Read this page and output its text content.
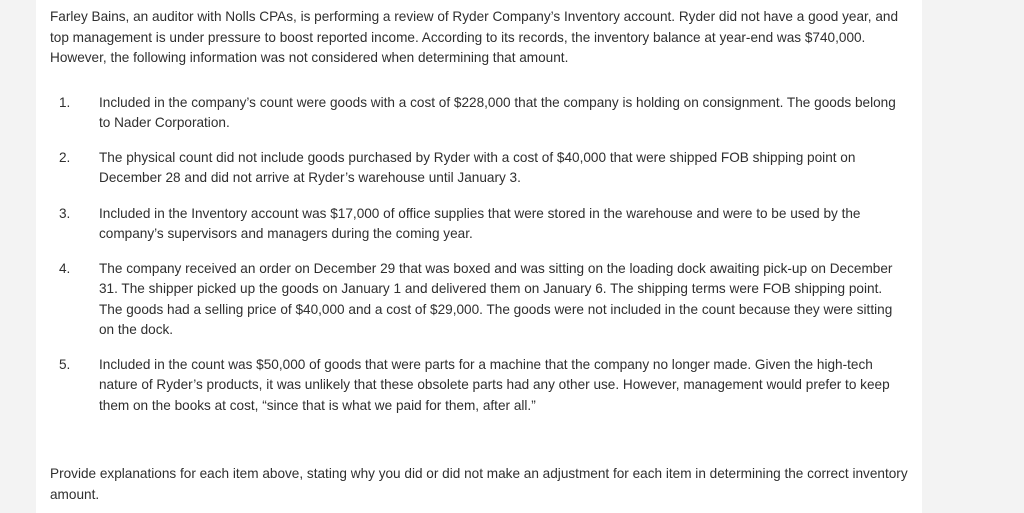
Farley Bains, an auditor with Nolls CPAs, is performing a review of Ryder Company’s Inventory account. Ryder did not have a good year, and top management is under pressure to boost reported income. According to its records, the inventory balance at year-end was $740,000. However, the following information was not considered when determining that amount.

1.	Included in the company’s count were goods with a cost of $228,000 that the company is holding on consignment. The goods belong to Nader Corporation.
2.	The physical count did not include goods purchased by Ryder with a cost of $40,000 that were shipped FOB shipping point on December 28 and did not arrive at Ryder’s warehouse until January 3.
3.	Included in the Inventory account was $17,000 of office supplies that were stored in the warehouse and were to be used by the company’s supervisors and managers during the coming year.
4.	The company received an order on December 29 that was boxed and was sitting on the loading dock awaiting pick-up on December 31. The shipper picked up the goods on January 1 and delivered them on January 6. The shipping terms were FOB shipping point. The goods had a selling price of $40,000 and a cost of $29,000. The goods were not included in the count because they were sitting on the dock.
5.	Included in the count was $50,000 of goods that were parts for a machine that the company no longer made. Given the high-tech nature of Ryder’s products, it was unlikely that these obsolete parts had any other use. However, management would prefer to keep them on the books at cost, “since that is what we paid for them, after all.”

Provide explanations for each item above, stating why you did or did not make an adjustment for each item in determining the correct inventory amount.
